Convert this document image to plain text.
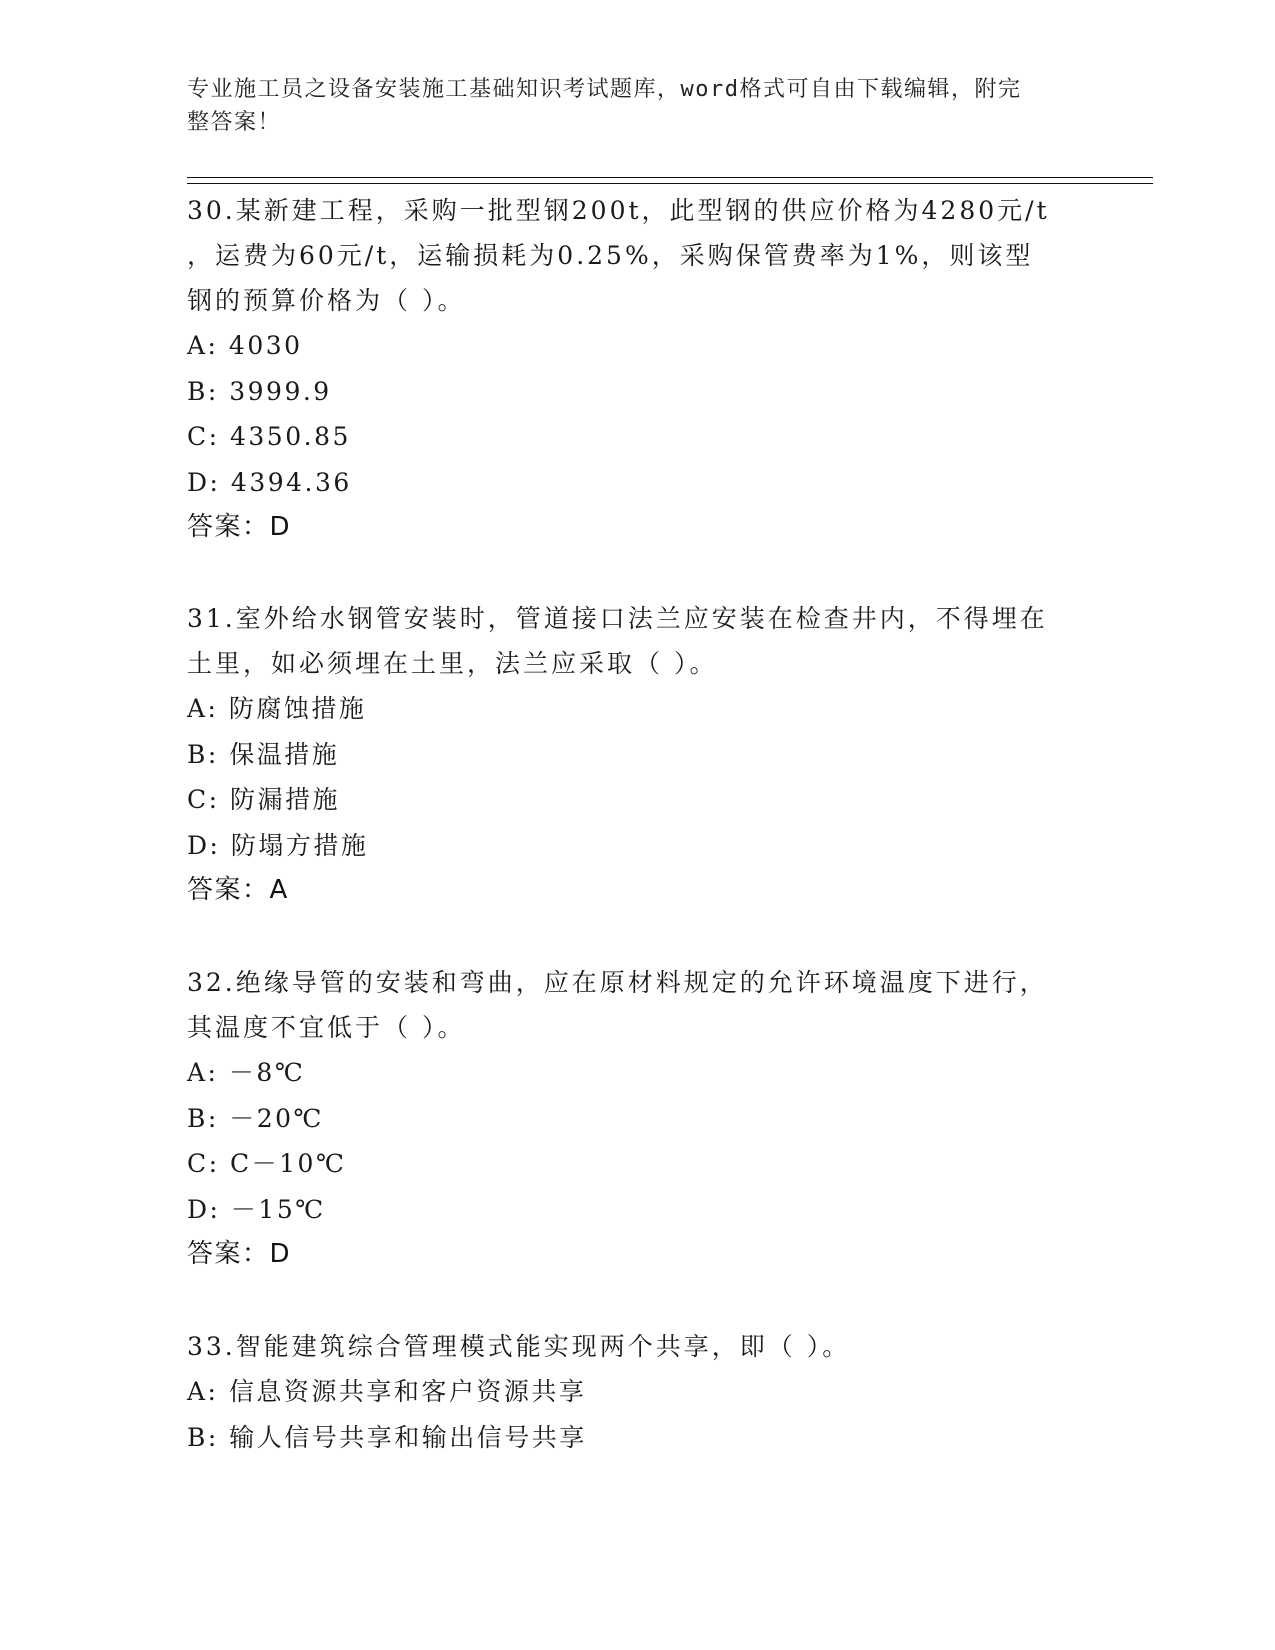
专业施工员之设备安装施工基础知识考试题库，word格式可自由下载编辑，附完
整答案！

30.某新建工程，采购一批型钢200t，此型钢的供应价格为4280元/t

，运费为60元/t，运输损耗为0.25%，采购保管费率为1%，则该型

钢的预算价格为（ ）。

A: 4030

B: 3999.9

C: 4350.85

D: 4394.36

答案：D

31.室外给水钢管安装时，管道接口法兰应安装在检查井内，不得埋在

土里，如必须埋在土里，法兰应采取（ ）。

A: 防腐蚀措施

B: 保温措施

C: 防漏措施

D: 防塌方措施

答案：A

32.绝缘导管的安装和弯曲，应在原材料规定的允许环境温度下进行，

其温度不宜低于（ ）。

A: －8℃

B: －20℃

C: C－10℃

D: －15℃

答案：D

33.智能建筑综合管理模式能实现两个共享，即（ ）。

A: 信息资源共享和客户资源共享

B: 输人信号共享和输出信号共享
